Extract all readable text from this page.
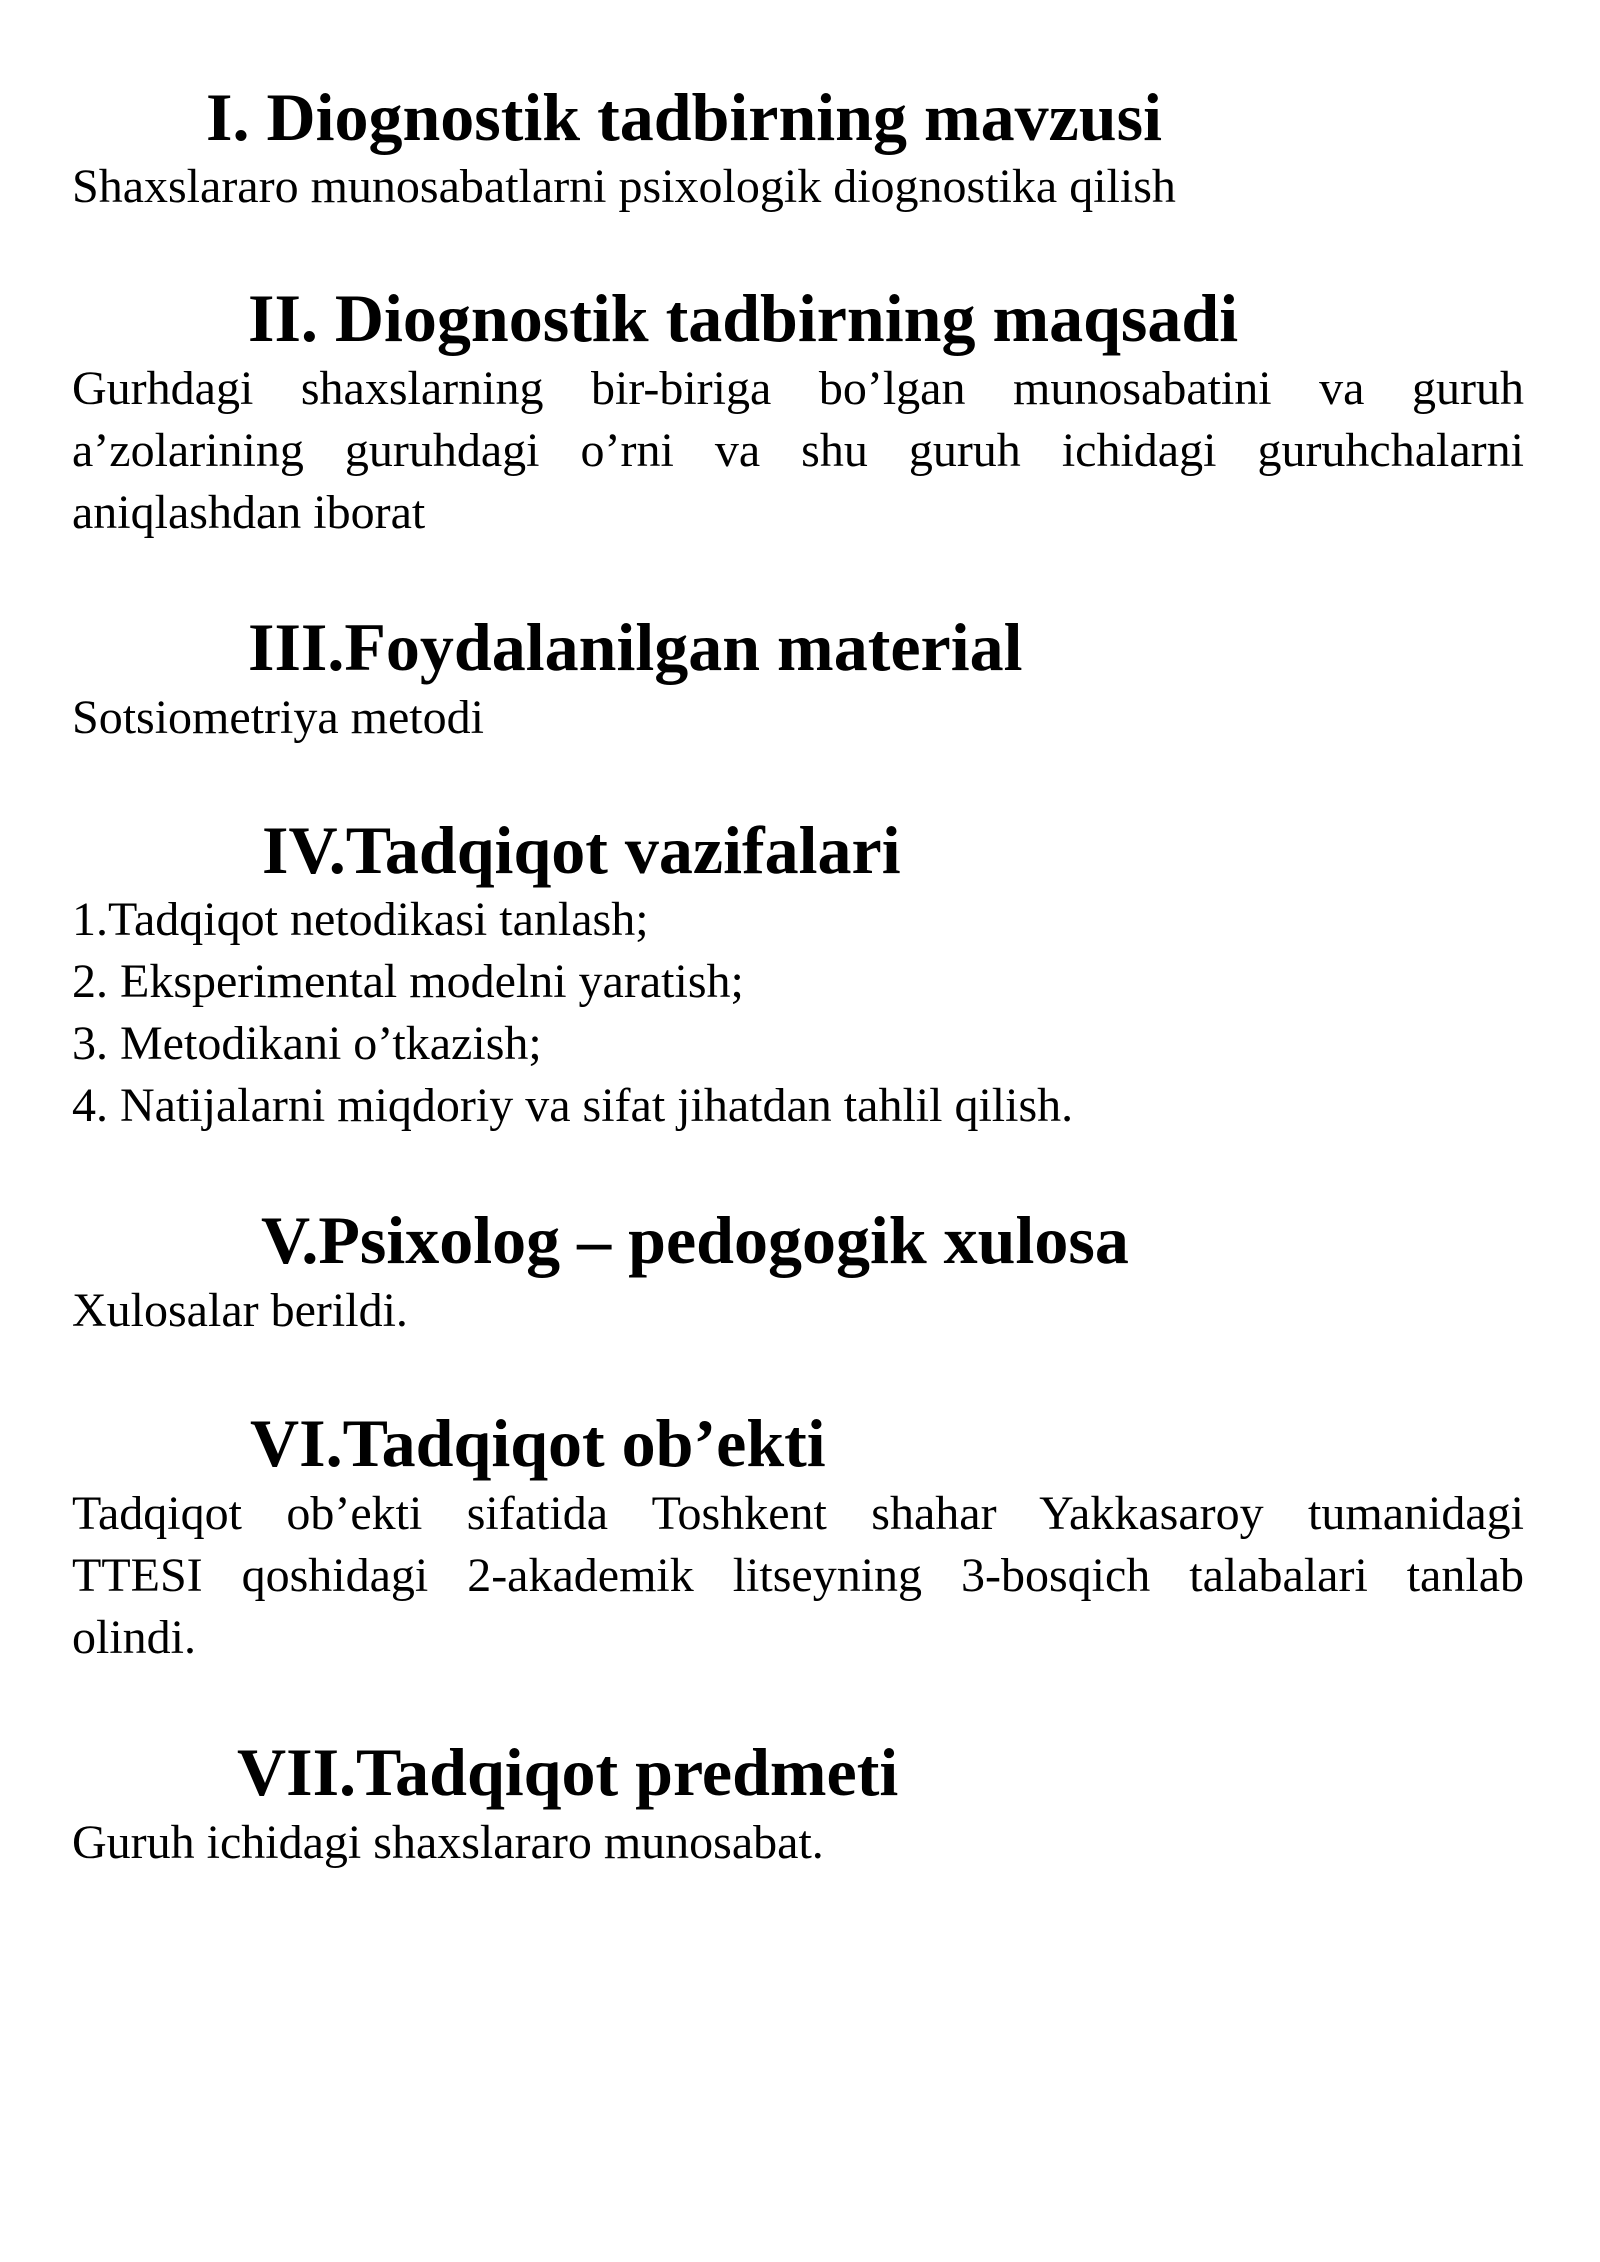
I. Diognostik tadbirning mavzusi

Shaxslararo munosabatlarni psixologik diognostika qilish

II. Diognostik tadbirning maqsadi

Gurhdagi shaxslarning bir-biriga bo’lgan munosabatini va guruh

a’zolarining guruhdagi o’rni va shu guruh ichidagi guruhchalarni

aniqlashdan iborat

III.Foydalanilgan material

Sotsiometriya metodi

IV.Tadqiqot vazifalari

1.Tadqiqot netodikasi tanlash;

2. Eksperimental modelni yaratish;

3. Metodikani o’tkazish;

4. Natijalarni miqdoriy va sifat jihatdan tahlil qilish.

V.Psixolog – pedogogik xulosa

Xulosalar berildi.

VI.Tadqiqot ob’ekti

Tadqiqot ob’ekti sifatida Toshkent shahar Yakkasaroy tumanidagi

TTESI qoshidagi 2-akademik litseyning 3-bosqich talabalari tanlab

olindi.

VII.Tadqiqot predmeti

Guruh ichidagi shaxslararo munosabat.
